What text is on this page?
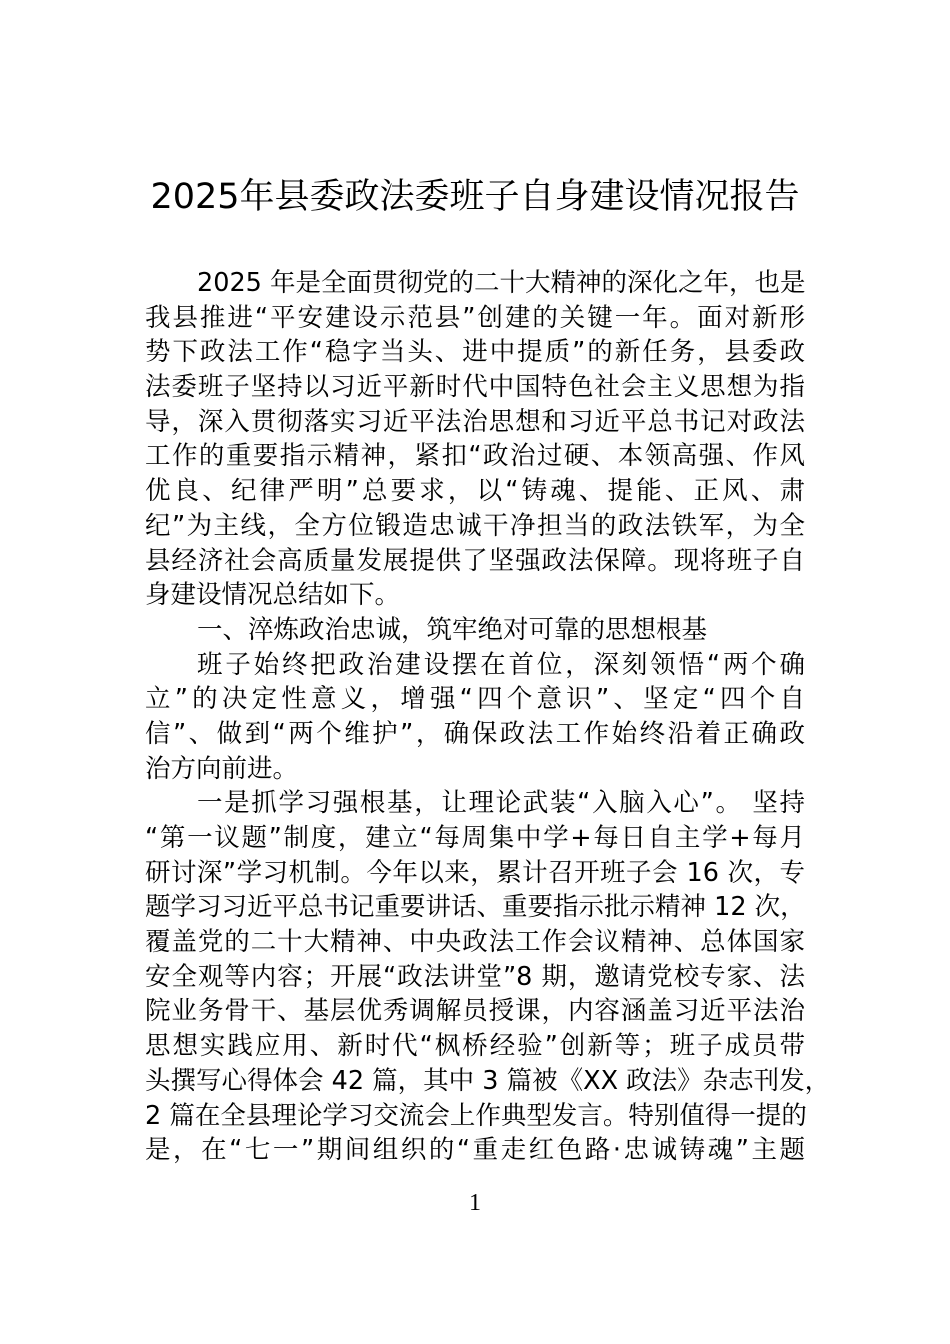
2025年县委政法委班子自身建设情况报告
2025 年是全面贯彻党的二十大精神的深化之年，也是
我县推进“平安建设示范县”创建的关键一年。面对新形
势下政法工作“稳字当头、进中提质”的新任务，县委政
法委班子坚持以习近平新时代中国特色社会主义思想为指
导，深入贯彻落实习近平法治思想和习近平总书记对政法
工作的重要指示精神，紧扣“政治过硬、本领高强、作风
优良、纪律严明”总要求，以“铸魂、提能、正风、肃
纪”为主线，全方位锻造忠诚干净担当的政法铁军，为全
县经济社会高质量发展提供了坚强政法保障。现将班子自
身建设情况总结如下。
一、淬炼政治忠诚，筑牢绝对可靠的思想根基
班子始终把政治建设摆在首位，深刻领悟“两个确
立”的决定性意义，增强“四个意识”、坚定“四个自
信”、做到“两个维护”，确保政法工作始终沿着正确政
治方向前进。
一是抓学习强根基，让理论武装“入脑入心”。 坚持
“第一议题”制度，建立“每周集中学+每日自主学+每月
研讨深”学习机制。今年以来，累计召开班子会 16 次，专
题学习习近平总书记重要讲话、重要指示批示精神 12 次，
覆盖党的二十大精神、中央政法工作会议精神、总体国家
安全观等内容；开展“政法讲堂”8 期，邀请党校专家、法
院业务骨干、基层优秀调解员授课，内容涵盖习近平法治
思想实践应用、新时代“枫桥经验”创新等；班子成员带
头撰写心得体会 42 篇，其中 3 篇被《XX 政法》杂志刊发，
2 篇在全县理论学习交流会上作典型发言。特别值得一提的
是，在“七一”期间组织的“重走红色路·忠诚铸魂”主题
1
